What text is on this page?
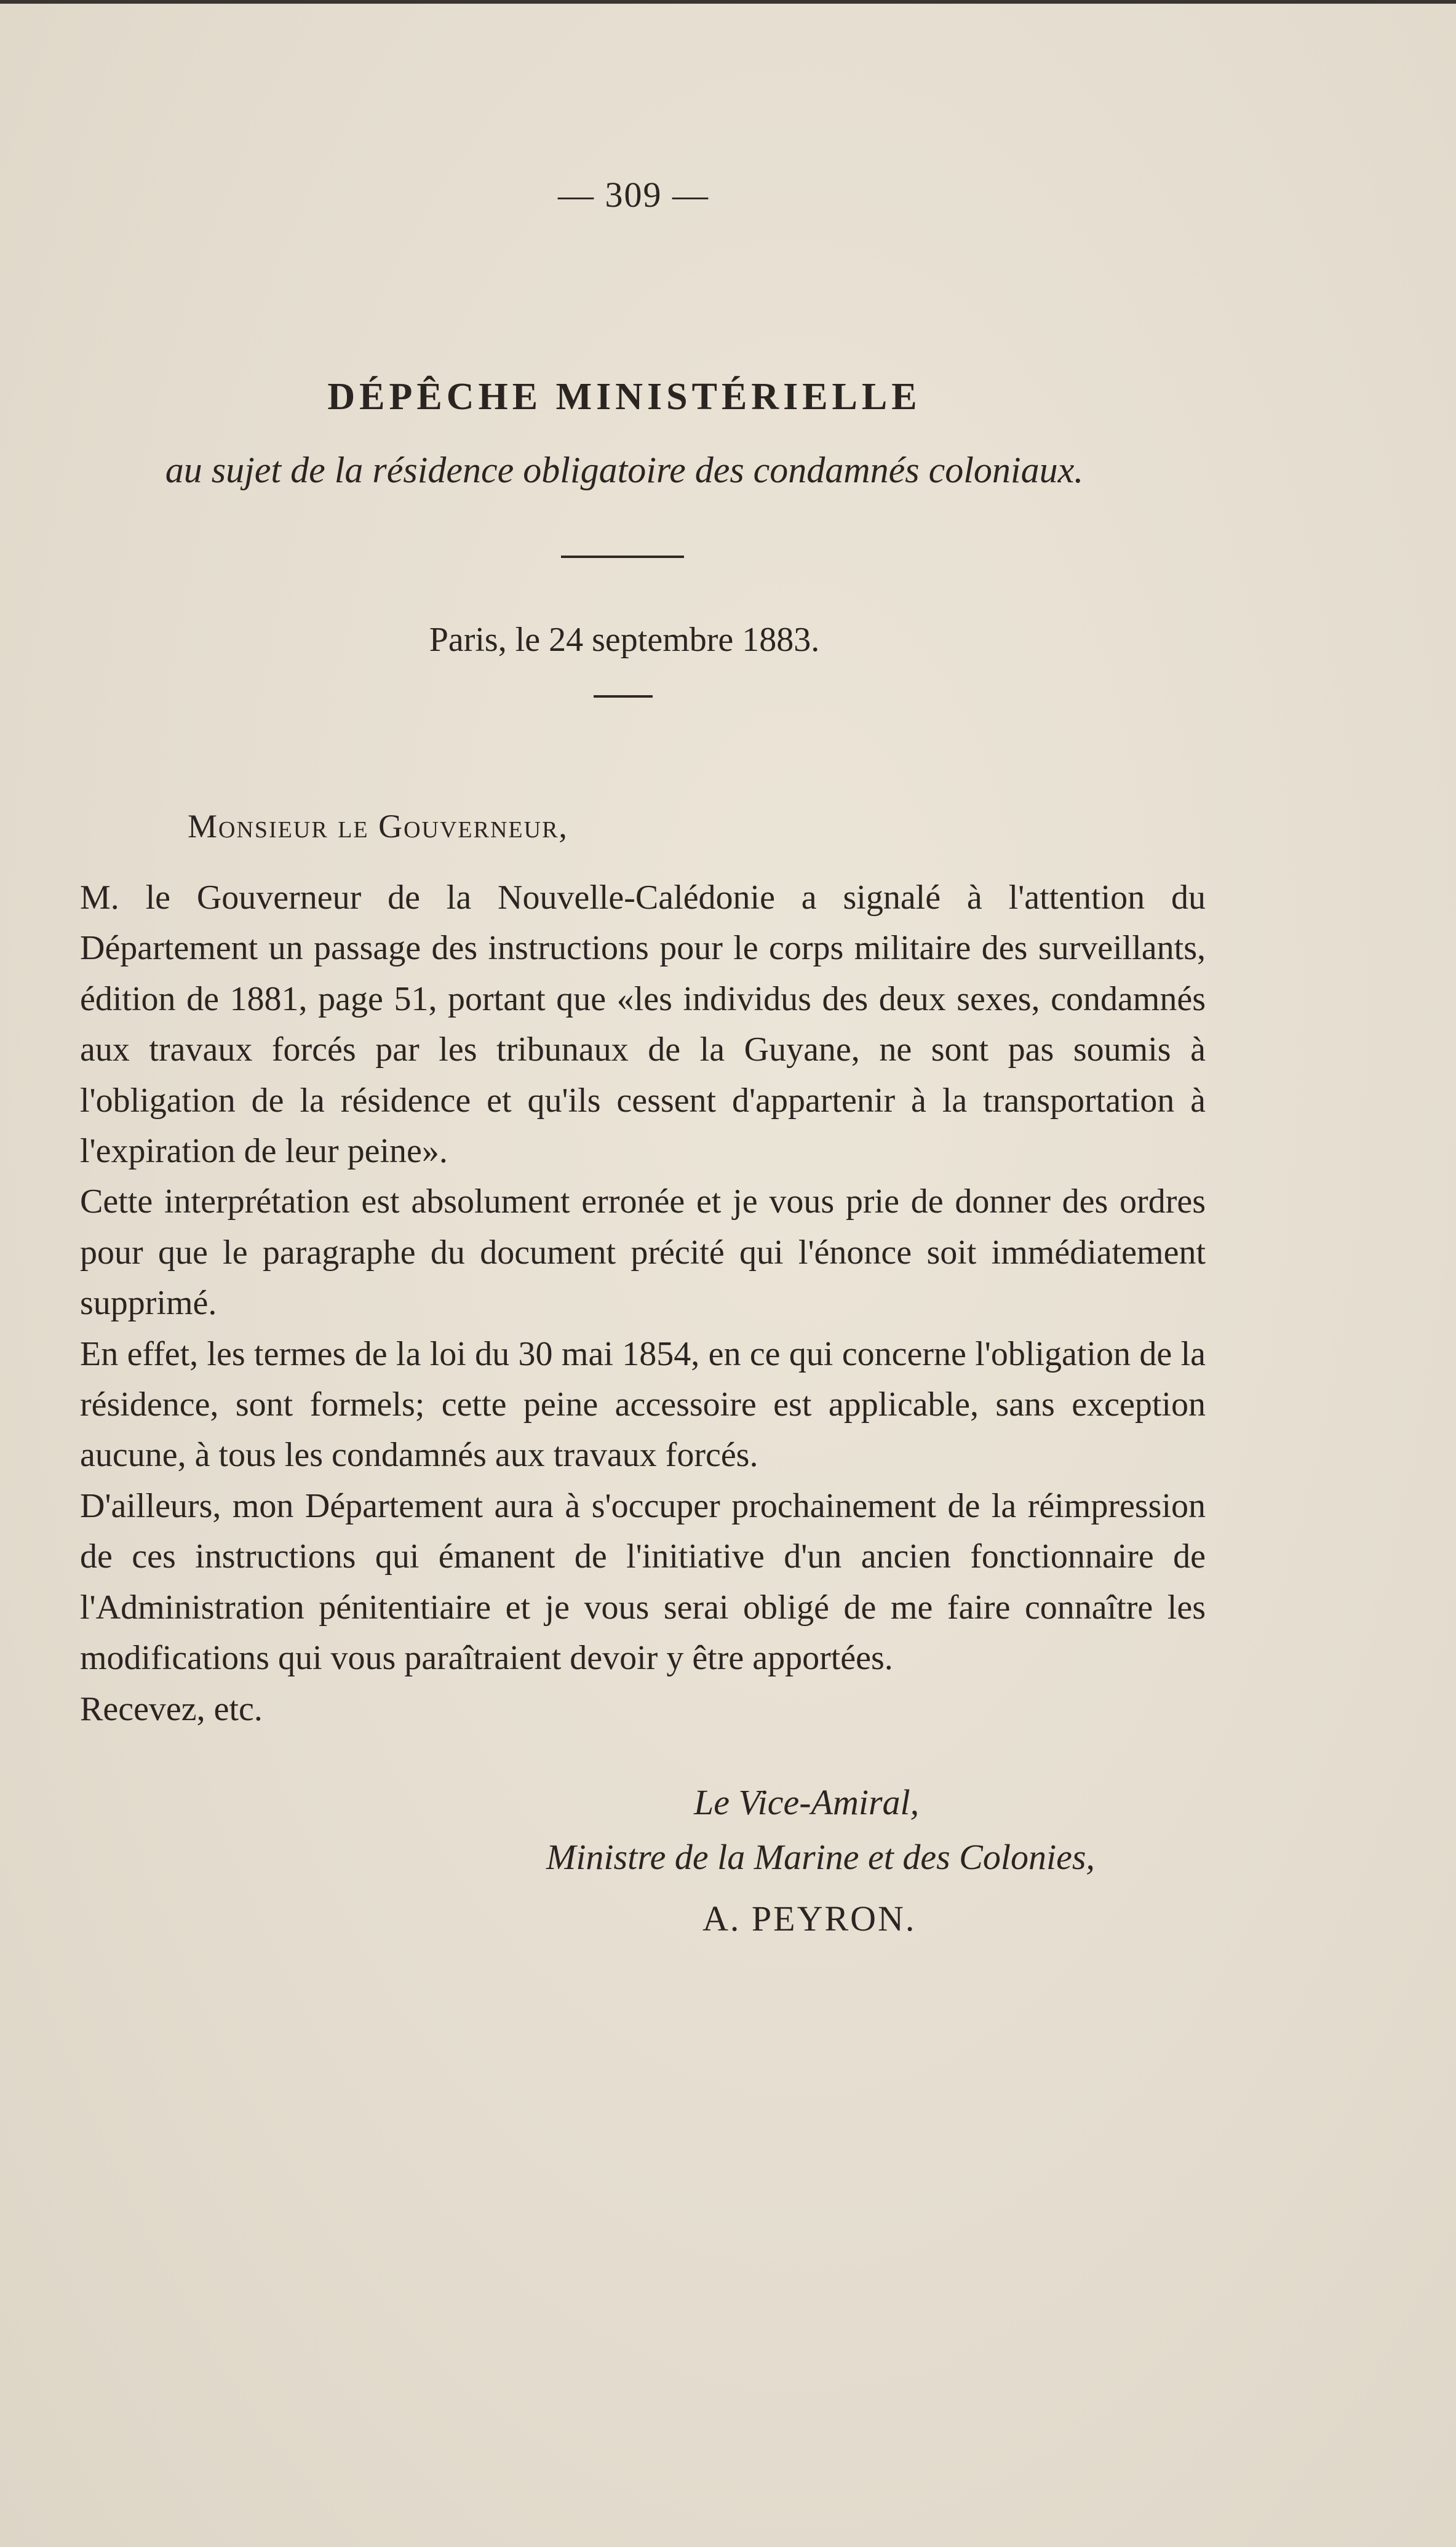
— 309 —
DÉPÊCHE MINISTÉRIELLE
au sujet de la résidence obligatoire des condamnés coloniaux.
Paris, le 24 septembre 1883.
Monsieur le Gouverneur,

M. le Gouverneur de la Nouvelle-Calédonie a signalé à l'attention du Département un passage des instructions pour le corps militaire des surveillants, édition de 1881, page 51, portant que «les individus des deux sexes, condamnés aux travaux forcés par les tribunaux de la Guyane, ne sont pas soumis à l'obligation de la résidence et qu'ils cessent d'appartenir à la transportation à l'expiration de leur peine».

Cette interprétation est absolument erronée et je vous prie de donner des ordres pour que le paragraphe du document précité qui l'énonce soit immédiatement supprimé.

En effet, les termes de la loi du 30 mai 1854, en ce qui concerne l'obligation de la résidence, sont formels; cette peine accessoire est applicable, sans exception aucune, à tous les condamnés aux travaux forcés.

D'ailleurs, mon Département aura à s'occuper prochainement de la réimpression de ces instructions qui émanent de l'initiative d'un ancien fonctionnaire de l'Administration pénitentiaire et je vous serai obligé de me faire connaître les modifications qui vous paraîtraient devoir y être apportées.

Recevez, etc.

Le Vice-Amiral,
Ministre de la Marine et des Colonies,
A. PEYRON.
